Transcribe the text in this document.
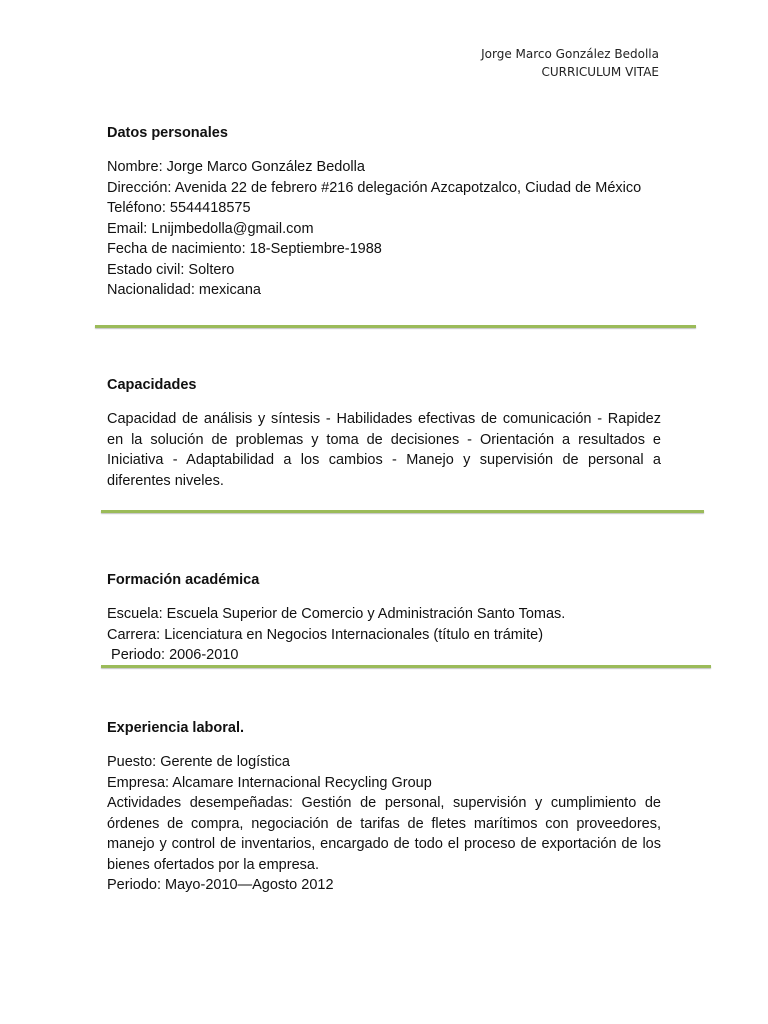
Jorge Marco González Bedolla
CURRICULUM VITAE
Datos personales
Nombre: Jorge Marco González Bedolla
Dirección: Avenida 22 de febrero #216 delegación Azcapotzalco, Ciudad de México
Teléfono: 5544418575
Email: Lnijmbedolla@gmail.com
Fecha de nacimiento: 18-Septiembre-1988
Estado civil: Soltero
Nacionalidad: mexicana
Capacidades
Capacidad de análisis y síntesis - Habilidades efectivas de comunicación - Rapidez en la solución de problemas y toma de decisiones - Orientación a resultados e Iniciativa - Adaptabilidad a los cambios - Manejo y supervisión de personal a diferentes niveles.
Formación académica
Escuela: Escuela Superior de Comercio y Administración Santo Tomas.
Carrera: Licenciatura en Negocios Internacionales (título en trámite)
Periodo: 2006-2010
Experiencia laboral.
Puesto: Gerente de logística
Empresa: Alcamare Internacional Recycling Group
Actividades desempeñadas: Gestión de personal, supervisión y cumplimiento de órdenes de compra, negociación de tarifas de fletes marítimos con proveedores, manejo y control de inventarios, encargado de todo el proceso de exportación de los bienes ofertados por la empresa.
Periodo: Mayo-2010—Agosto 2012
